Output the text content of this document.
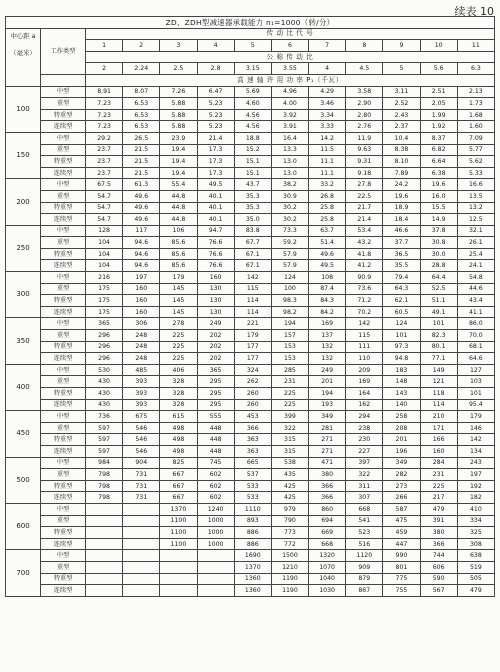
续表 10
ZD、ZDH型减速器承载能力 n₁=1000（转/分）												

中心距 a
（毫米）	工作类型	传 动 比 代 号										
		1	2	3	4	5	6	7	8	9	10	11
		公 称 传 动 比										
		2	2.24	2.5	2.8	3.15	3.55	4	4.5	5	5.6	6.3
		高 速 轴 许 用 功 率 P₁（千瓦）										
100	中型	8.91	8.07	7.26	6.47	5.69	4.96	4.29	3.58	3.11	2.51	2.13
	重型	7.23	6.53	5.88	5.23	4.60	4.00	3.46	2.90	2.52	2.05	1.73
	特重型	7.23	6.53	5.88	5.23	4.56	3.92	3.34	2.80	2.43	1.99	1.68
	连续型	7.23	6.53	5.88	5.23	4.56	3.91	3.33	2.76	2.37	1.92	1.60
150	中型	29.2	26.5	23.9	21.4	18.8	16.4	14.2	11.9	10.4	8.37	7.09
	重型	23.7	21.5	19.4	17.3	15.2	13.3	11.5	9.63	8.38	6.82	5.77
	特重型	23.7	21.5	19.4	17.3	15.1	13.0	11.1	9.31	8.10	6.64	5.62
	连续型	23.7	21.5	19.4	17.3	15.1	13.0	11.1	9.18	7.89	6.38	5.33
200	中型	67.5	61.3	55.4	49.5	43.7	38.2	33.2	27.8	24.2	19.6	16.6
	重型	54.7	49.6	44.8	40.1	35.3	30.9	26.8	22.5	19.6	16.0	13.5
	特重型	54.7	49.6	44.8	40.1	35.3	30.2	25.8	21.7	18.9	15.5	13.2
	连续型	54.7	49.6	44.8	40.1	35.0	30.2	25.8	21.4	18.4	14.9	12.5
250	中型	128	117	106	94.7	83.8	73.3	63.7	53.4	46.6	37.8	32.1
	重型	104	94.6	85.6	76.6	67.7	59.2	51.4	43.2	37.7	30.8	26.1
	特重型	104	94.6	85.6	76.6	67.1	57.9	49.6	41.8	36.5	30.0	25.4
	连续型	104	94.6	85.6	76.6	67.1	57.9	49.5	41.2	35.5	28.8	24.1
300	中型	216	197	179	160	142	124	108	90.9	79.4	64.4	54.8
	重型	175	160	145	130	115	100	87.4	73.6	64.3	52.5	44.6
	特重型	175	160	145	130	114	98.3	84.3	71.2	62.1	51.1	43.4
	连续型	175	160	145	130	114	98.2	84.2	70.2	60.5	49.1	41.1
350	中型	365	306	278	249	221	194	169	142	124	101	86.0
	重型	296	248	225	202	179	157	137	115	101	82.3	70.0
	特重型	296	248	225	202	177	153	132	111	97.3	80.1	68.1
	连续型	296	248	225	202	177	153	132	110	94.8	77.1	64.6
400	中型	530	485	406	365	324	285	249	209	183	149	127
	重型	430	393	328	295	262	231	201	169	148	121	103
	特重型	430	393	328	295	260	225	194	164	143	118	101
	连续型	430	393	328	295	260	225	193	162	140	114	95.4
450	中型	736	675	615	555	453	399	349	294	258	210	179
	重型	597	546	498	448	366	322	281	238	208	171	146
	特重型	597	546	498	448	363	315	271	230	201	166	142
	连续型	597	546	498	448	363	315	271	227	196	160	134
500	中型	984	904	825	745	665	538	471	397	349	284	243
	重型	798	731	667	602	537	435	380	322	282	231	197
	特重型	798	731	667	602	533	425	366	311	273	225	192
	连续型	798	731	667	602	533	425	366	307	266	217	182
600	中型			1370	1240	1110	979	860	668	587	479	410
	重型			1100	1000	893	790	694	541	475	391	334
	特重型			1100	1000	886	773	669	523	459	380	325
	连续型			1100	1000	886	772	668	516	447	366	308
700	中型					1690	1500	1320	1120	990	744	638
	重型					1370	1210	1070	909	801	606	519
	特重型					1360	1190	1040	879	775	590	505
	连续型					1360	1190	1030	867	755	567	479
